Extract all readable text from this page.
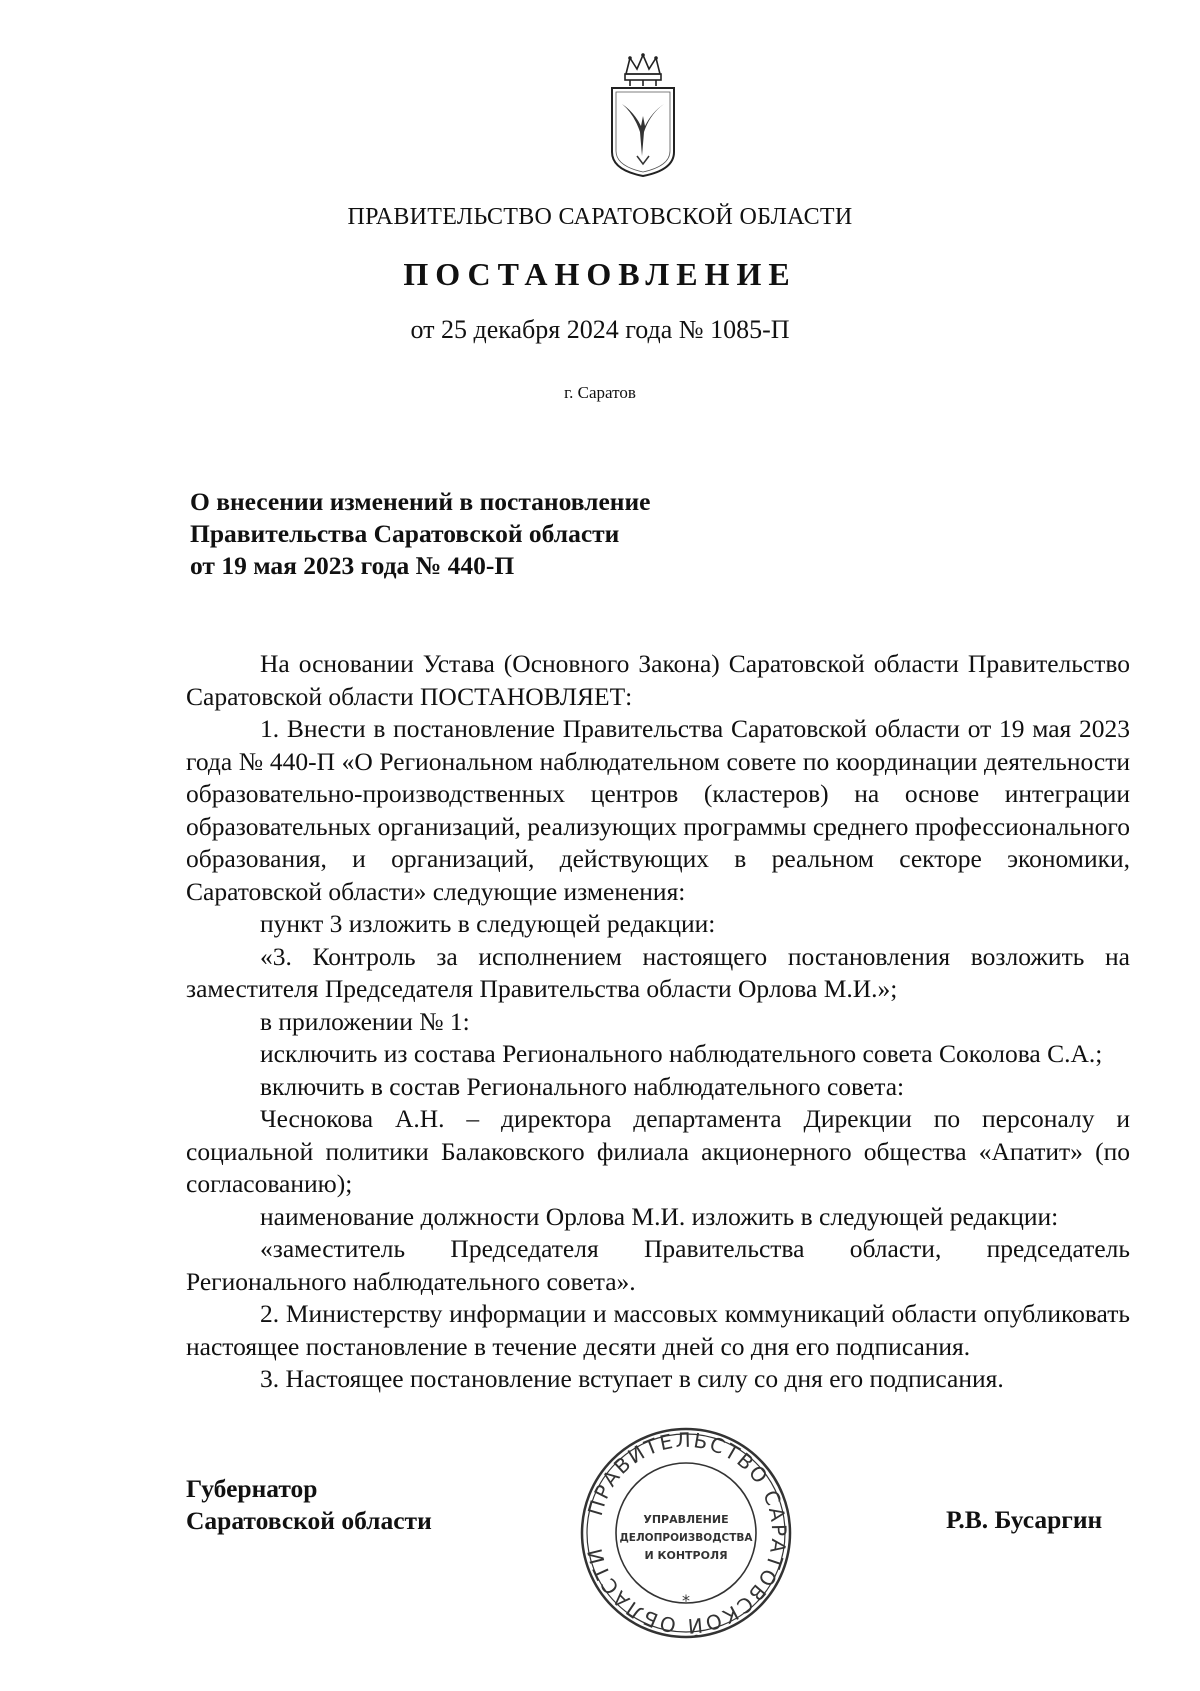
ПРАВИТЕЛЬСТВО САРАТОВСКОЙ ОБЛАСТИ
ПОСТАНОВЛЕНИЕ
от 25 декабря 2024 года № 1085-П
г. Саратов
О внесении изменений в постановление
Правительства Саратовской области
от 19 мая 2023 года № 440-П

На основании Устава (Основного Закона) Саратовской области Правительство Саратовской области ПОСТАНОВЛЯЕТ:

1. Внести в постановление Правительства Саратовской области от 19 мая 2023 года № 440-П «О Региональном наблюдательном совете по координации деятельности образовательно-производственных центров (кластеров) на основе интеграции образовательных организаций, реализующих программы среднего профессионального образования, и организаций, действующих в реальном секторе экономики, Саратовской области» следующие изменения:

пункт 3 изложить в следующей редакции:

«3. Контроль за исполнением настоящего постановления возложить на заместителя Председателя Правительства области Орлова М.И.»;

в приложении № 1:

исключить из состава Регионального наблюдательного совета Соколова С.А.;

включить в состав Регионального наблюдательного совета:

Чеснокова А.Н. – директора департамента Дирекции по персоналу и социальной политики Балаковского филиала акционерного общества «Апатит» (по согласованию);

наименование должности Орлова М.И. изложить в следующей редакции:

«заместитель Председателя Правительства области, председатель Регионального наблюдательного совета».

2. Министерству информации и массовых коммуникаций области опубликовать настоящее постановление в течение десяти дней со дня его подписания.

3. Настоящее постановление вступает в силу со дня его подписания.

Губернатор
Саратовской области	ПРАВИТЕЛЬСТВО САРАТОВСКОЙ ОБЛАСТИ
*
УПРАВЛЕНИЕ
ДЕЛОПРОИЗВОДСТВА
И КОНТРОЛЯ
Р.В. Бусаргин
